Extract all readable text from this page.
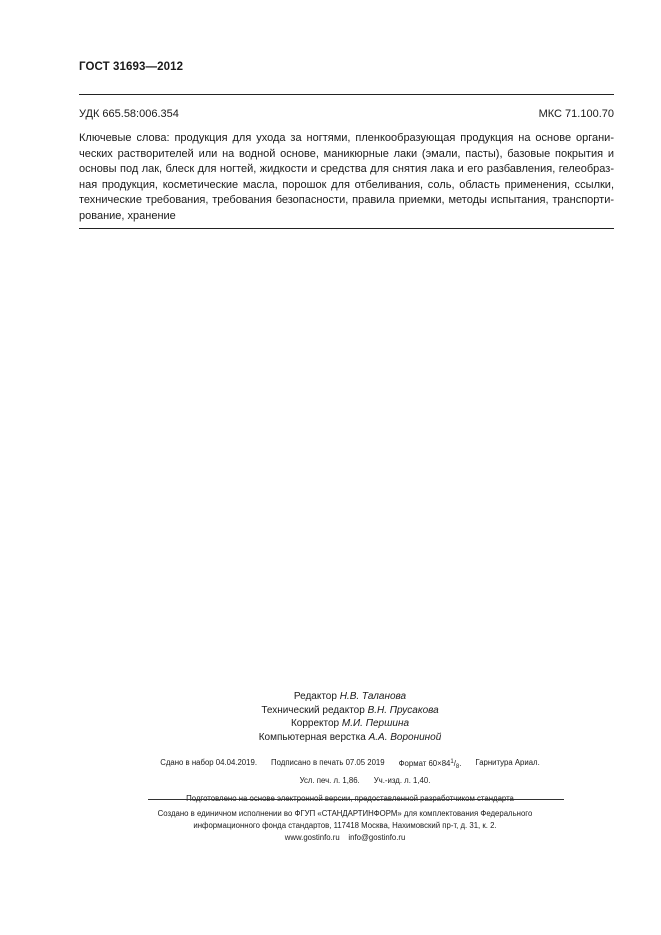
ГОСТ 31693—2012
УДК 665.58:006.354	МКС 71.100.70
Ключевые слова: продукция для ухода за ногтями, пленкообразующая продукция на основе органи-
ческих растворителей или на водной основе, маникюрные лаки (эмали, пасты), базовые покрытия и
основы под лак, блеск для ногтей, жидкости и средства для снятия лака и его разбавления, гелеобраз-
ная продукция, косметические масла, порошок для отбеливания, соль, область применения, ссылки,
технические требования, требования безопасности, правила приемки, методы испытания, транспорти-
рование, хранение
Редактор Н.В. Таланова
Технический редактор В.Н. Прусакова
Корректор М.И. Першина
Компьютерная верстка А.А. Ворониной
Сдано в набор 04.04.2019. Подписано в печать 07.05 2019 Формат $60\times 84^1/_8$. Гарнитура Ариал.
Усл. печ. л. 1,86. Уч.-изд. л. 1,40.
Подготовлено на основе электронной версии, предоставленной разработчиком стандарта
Создано в единичном исполнении во ФГУП «СТАНДАРТИНФОРМ» для комплектования Федерального
информационного фонда стандартов, 117418 Москва, Нахимовский пр-т, д. 31, к. 2.
www.gostinfo.ru info@gostinfo.ru
